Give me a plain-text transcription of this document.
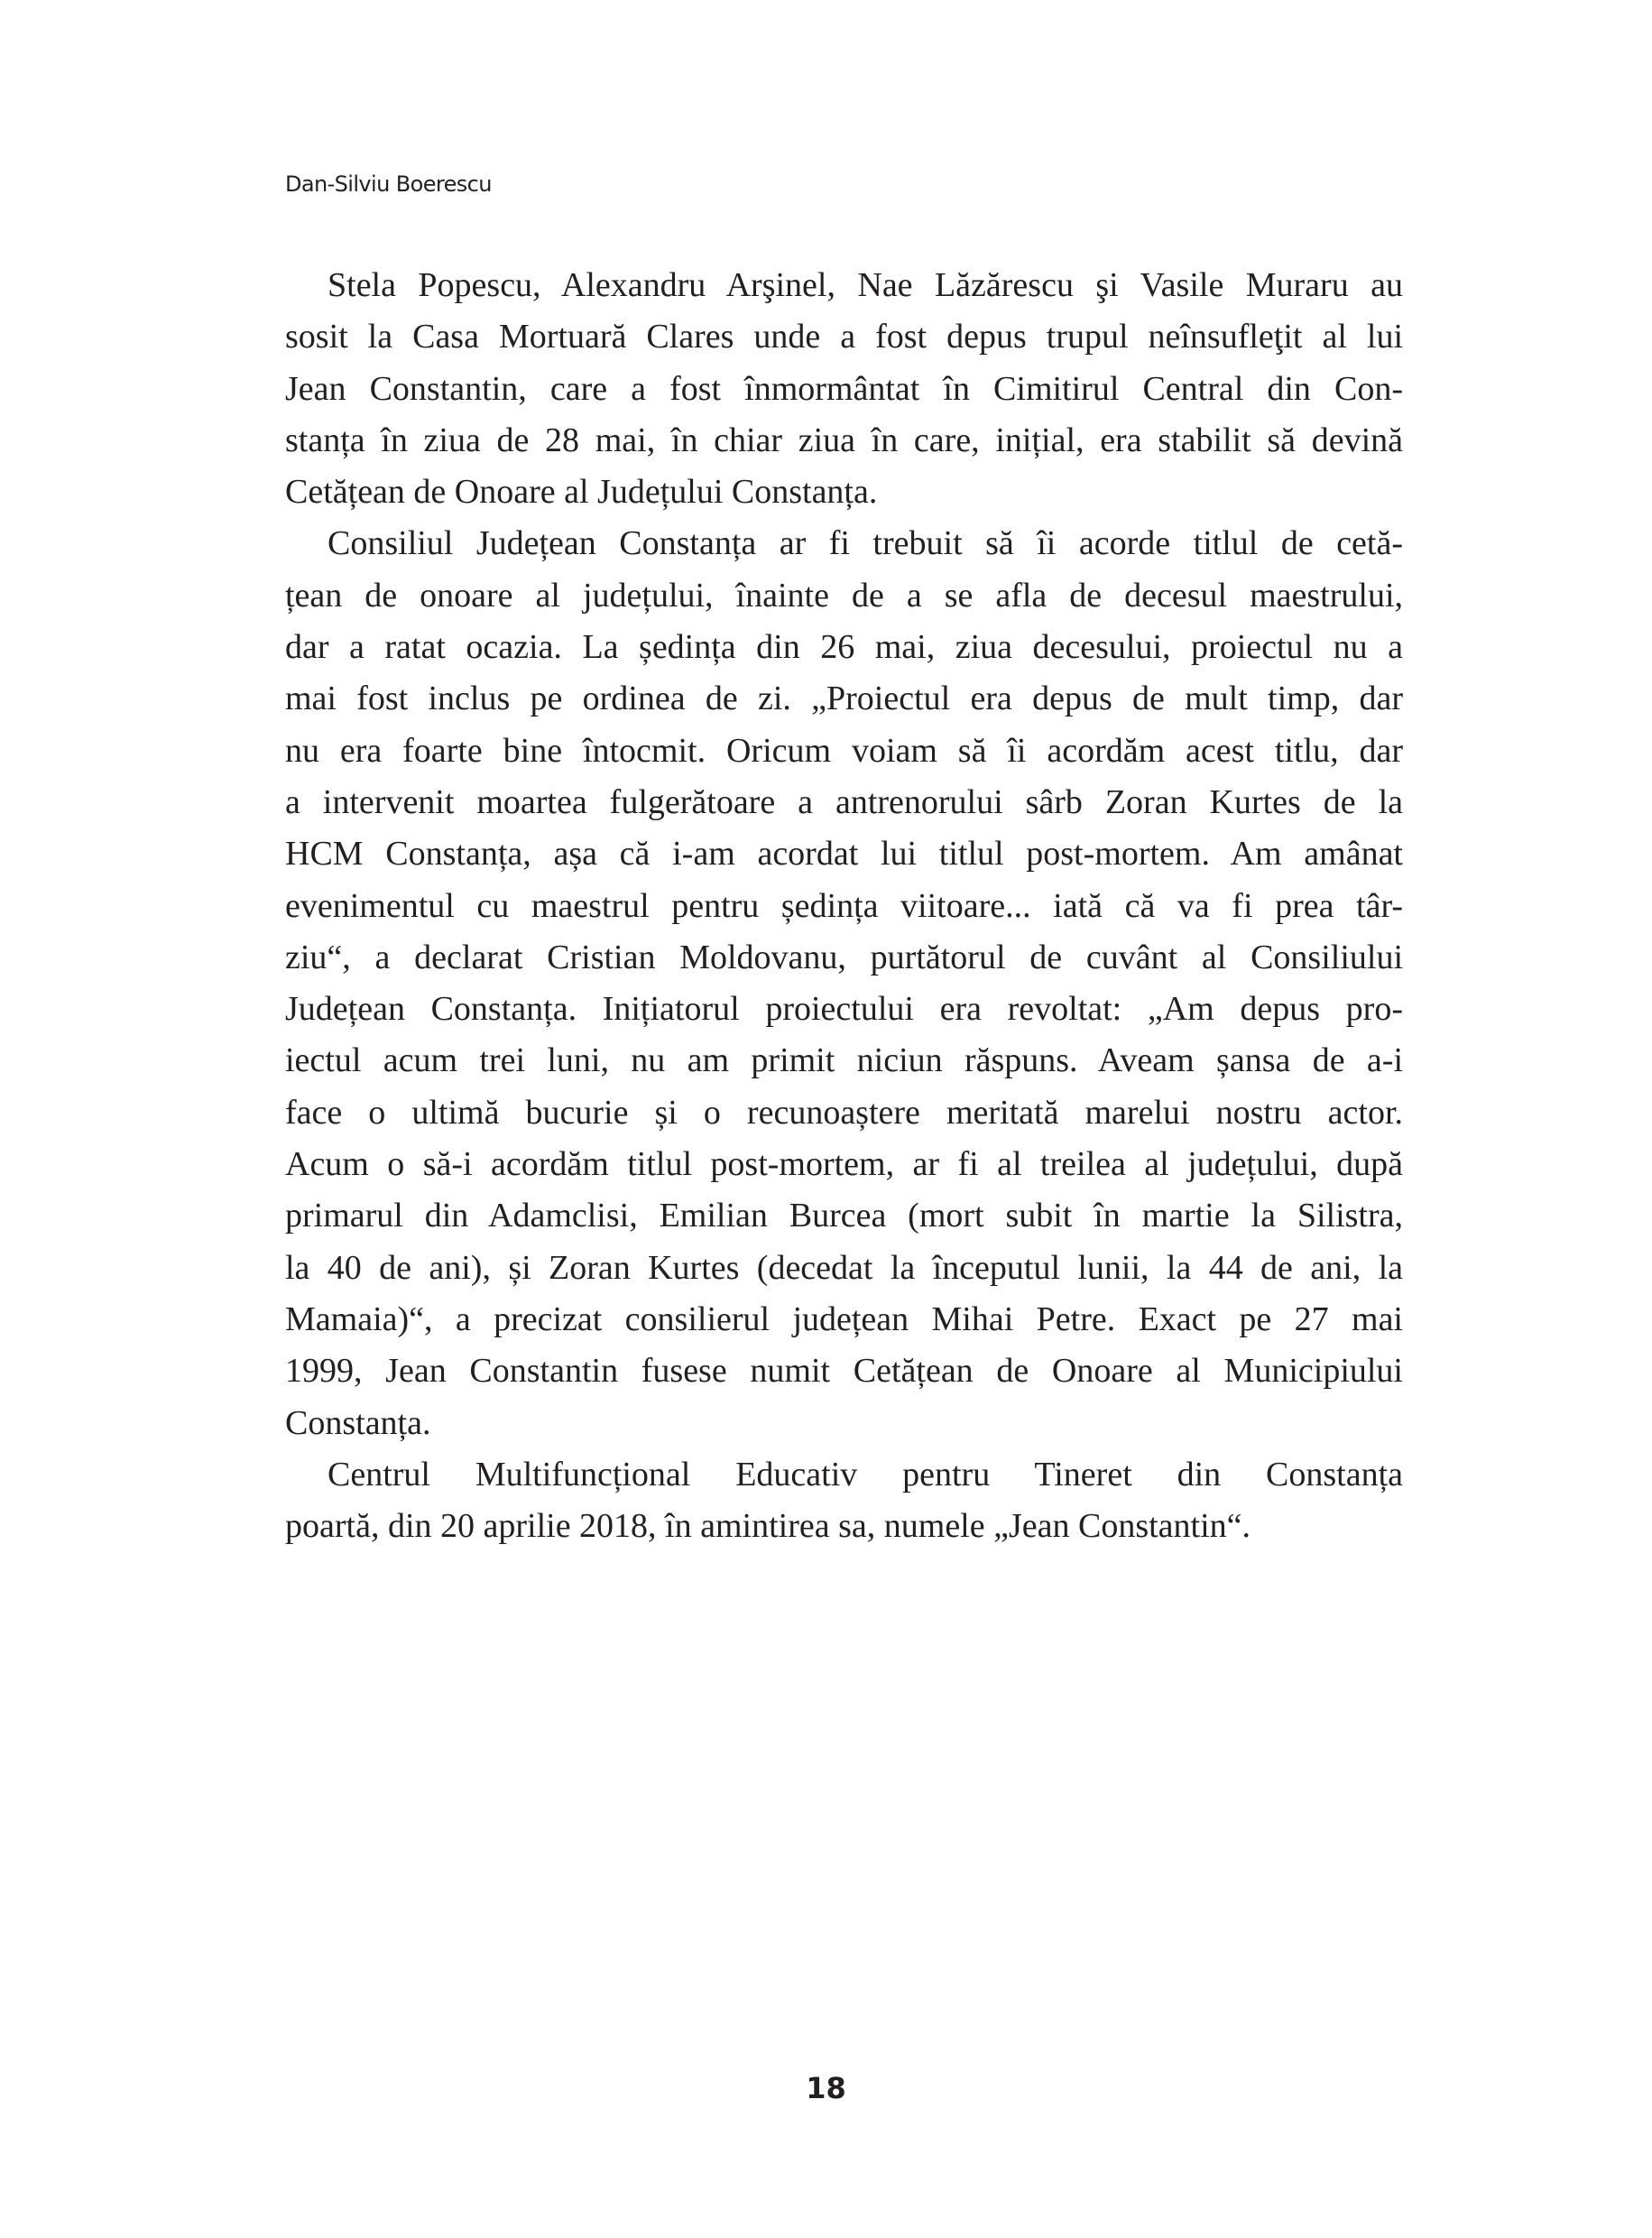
Dan-Silviu Boerescu
Stela Popescu, Alexandru Arşinel, Nae Lăzărescu şi Vasile Muraru au
sosit la Casa Mortuară Clares unde a fost depus trupul neînsufleţit al lui
Jean Constantin, care a fost înmormântat în Cimitirul Central din Con-
stanța în ziua de 28 mai, în chiar ziua în care, inițial, era stabilit să devină
Cetățean de Onoare al Județului Constanța.
Consiliul Județean Constanța ar fi trebuit să îi acorde titlul de cetă-
țean de onoare al județului, înainte de a se afla de decesul maestrului,
dar a ratat ocazia. La ședința din 26 mai, ziua decesului, proiectul nu a
mai fost inclus pe ordinea de zi. „Proiectul era depus de mult timp, dar
nu era foarte bine întocmit. Oricum voiam să îi acordăm acest titlu, dar
a intervenit moartea fulgerătoare a antrenorului sârb Zoran Kurtes de la
HCM Constanța, așa că i-am acordat lui titlul post-mortem. Am amânat
evenimentul cu maestrul pentru ședința viitoare... iată că va fi prea târ-
ziu“, a declarat Cristian Moldovanu, purtătorul de cuvânt al Consiliului
Județean Constanța. Inițiatorul proiectului era revoltat: „Am depus pro-
iectul acum trei luni, nu am primit niciun răspuns. Aveam șansa de a-i
face o ultimă bucurie și o recunoaștere meritată marelui nostru actor.
Acum o să-i acordăm titlul post-mortem, ar fi al treilea al județului, după
primarul din Adamclisi, Emilian Burcea (mort subit în martie la Silistra,
la 40 de ani), și Zoran Kurtes (decedat la începutul lunii, la 44 de ani, la
Mamaia)“, a precizat consilierul județean Mihai Petre. Exact pe 27 mai
1999, Jean Constantin fusese numit Cetățean de Onoare al Municipiului
Constanța.
Centrul Multifuncțional Educativ pentru Tineret din Constanța
poartă, din 20 aprilie 2018, în amintirea sa, numele „Jean Constantin“.
18
